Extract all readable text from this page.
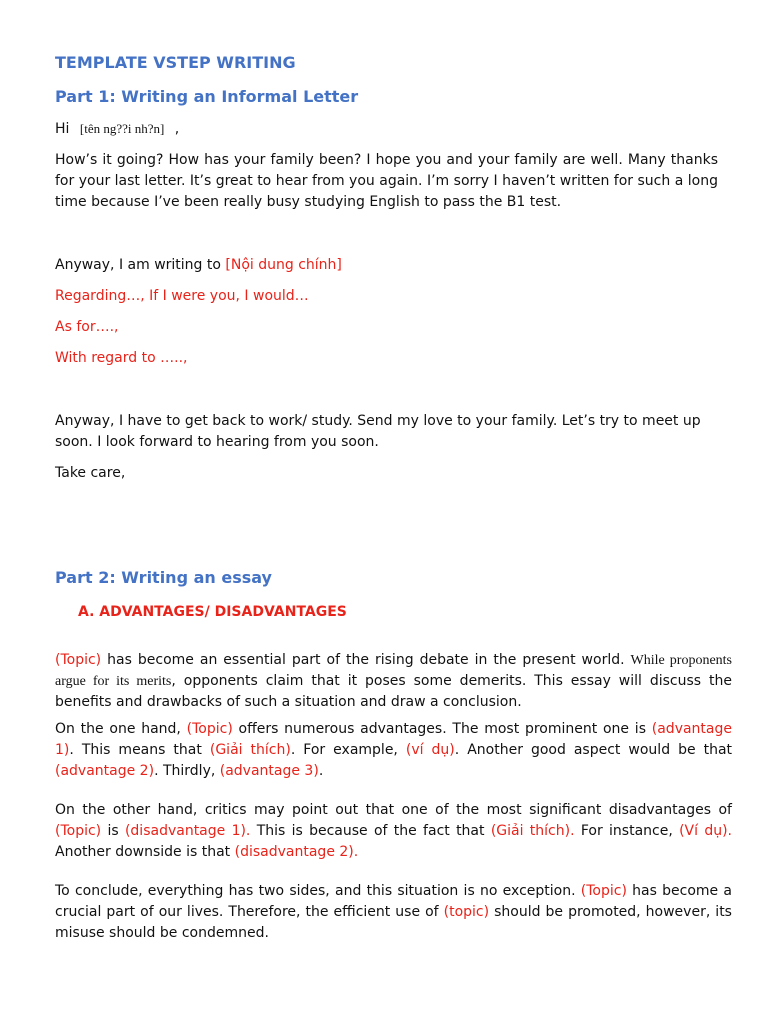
TEMPLATE VSTEP WRITING
Part 1: Writing an Informal Letter

Hi [tên ng??i nh?n] ,

How’s it going? How has your family been? I hope you and your family are well. Many thanks for your last letter. It’s great to hear from you again. I’m sorry I haven’t written for such a long time because I’ve been really busy studying English to pass the B1 test.

Anyway, I am writing to [Nội dung chính]

Regarding…, If I were you, I would…

As for….,

With regard to …..,

Anyway, I have to get back to work/ study. Send my love to your family. Let’s try to meet up soon. I look forward to hearing from you soon.

Take care,

Part 2: Writing an essay
A. ADVANTAGES/ DISADVANTAGES

(Topic) has become an essential part of the rising debate in the present world. While proponents argue for its merits, opponents claim that it poses some demerits. This essay will discuss the benefits and drawbacks of such a situation and draw a conclusion.

On the one hand, (Topic) offers numerous advantages. The most prominent one is (advantage 1). This means that (Giải thích). For example, (ví dụ). Another good aspect would be that (advantage 2). Thirdly, (advantage 3).

On the other hand, critics may point out that one of the most significant disadvantages of (Topic) is (disadvantage 1). This is because of the fact that (Giải thích). For instance, (Ví dụ). Another downside is that (disadvantage 2).

To conclude, everything has two sides, and this situation is no exception. (Topic) has become a crucial part of our lives. Therefore, the efficient use of (topic) should be promoted, however, its misuse should be condemned.
